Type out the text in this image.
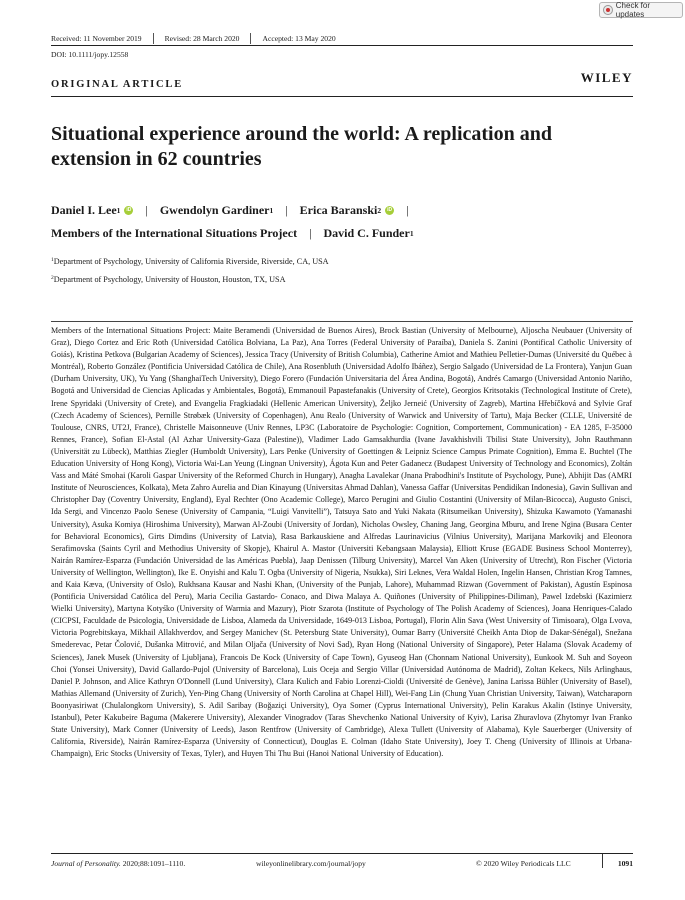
Check for updates
Received: 11 November 2019	Revised: 28 March 2020	Accepted: 13 May 2020
DOI: 10.1111/jopy.12558
ORIGINAL ARTICLE	WILEY
Situational experience around the world: A replication and extension in 62 countries
Daniel I. Lee 1 iD | Gwendolyn Gardiner 1 | Erica Baranski 2 iD |
Members of the International Situations Project | David C. Funder 1
$^1$Department of Psychology, University of California Riverside, Riverside, CA, USA
$^2$Department of Psychology, University of Houston, Houston, TX, USA

Members of the International Situations Project: Maite Beramendi (Universidad de Buenos Aires), Brock Bastian (University of Melbourne), Aljoscha Neubauer (University of Graz), Diego Cortez and Eric Roth (Universidad Católica Bolviana, La Paz), Ana Torres (Federal University of Paraíba), Daniela S. Zanini (Pontifical Catholic University of Goiás), Kristina Petkova (Bulgarian Academy of Sciences), Jessica Tracy (University of British Columbia), Catherine Amiot and Mathieu Pelletier-Dumas (Université du Québec à Montréal), Roberto González (Pontificia Universidad Católica de Chile), Ana Rosenbluth (Universidad Adolfo Ibáñez), Sergio Salgado (Universidad de La Frontera), Yanjun Guan (Durham University, UK), Yu Yang (ShanghaiTech University), Diego Forero (Fundación Universitaria del Área Andina, Bogotá), Andrés Camargo (Universidad Antonio Nariño, Bogotá and Universidad de Ciencias Aplicadas y Ambientales, Bogotá), Emmanouil Papastefanakis (University of Crete), Georgios Kritsotakis (Technological Institute of Crete), Irene Spyridaki (University of Crete), and Evangelia Fragkiadaki (Hellenic American University), Željko Jerneić (University of Zagreb), Martina Hřebíčková and Sylvie Graf (Czech Academy of Sciences), Pernille Strøbæk (University of Copenhagen), Anu Realo (University of Warwick and University of Tartu), Maja Becker (CLLE, Université de Toulouse, CNRS, UT2J, France), Christelle Maisonneuve (Univ Rennes, LP3C (Laboratoire de Psychologie: Cognition, Comportement, Communication) - EA 1285, F-35000 Rennes, France), Sofian El-Astal (Al Azhar University-Gaza (Palestine)), Vladimer Lado Gamsakhurdia (Ivane Javakhishvili Tbilisi State University), John Rauthmann (Universität zu Lübeck), Matthias Ziegler (Humboldt University), Lars Penke (University of Goettingen & Leipniz Science Campus Primate Cognition), Emma E. Buchtel (The Education University of Hong Kong), Victoria Wai-Lan Yeung (Lingnan University), Ágota Kun and Peter Gadanecz (Budapest University of Technology and Economics), Zoltán Vass and Máté Smohai (Karoli Gaspar University of the Reformed Church in Hungary), Anagha Lavalekar (Jnana Prabodhini's Institute of Psychology, Pune), Abhijit Das (AMRI Institute of Neurosciences, Kolkata), Meta Zahro Aurelia and Dian Kinayung (Universitas Ahmad Dahlan), Vanessa Gaffar (Universitas Pendidikan Indonesia), Gavin Sullivan and Christopher Day (Coventry University, England), Eyal Rechter (Ono Academic College), Marco Perugini and Giulio Costantini (University of Milan-Bicocca), Augusto Gnisci, Ida Sergi, and Vincenzo Paolo Senese (University of Campania, “Luigi Vanvitelli”), Tatsuya Sato and Yuki Nakata (Ritsumeikan University), Shizuka Kawamoto (Yamanashi University), Asuka Komiya (Hiroshima University), Marwan Al-Zoubi (University of Jordan), Nicholas Owsley, Chaning Jang, Georgina Mburu, and Irene Ngina (Busara Center for Behavioral Economics), Girts Dimdins (University of Latvia), Rasa Barkauskiene and Alfredas Laurinavicius (Vilnius University), Marijana Markovikj and Eleonora Serafimovska (Saints Cyril and Methodius University of Skopje), Khairul A. Mastor (Universiti Kebangsaan Malaysia), Elliott Kruse (EGADE Business School Monterrey), Nairán Ramírez-Esparza (Fundación Universidad de las Américas Puebla), Jaap Denissen (Tilburg University), Marcel Van Aken (University of Utrecht), Ron Fischer (Victoria University of Wellington, Wellington), Ike E. Onyishi and Kalu T. Ogba (University of Nigeria, Nsukka), Siri Leknes, Vera Waldal Holen, Ingelin Hansen, Christian Krog Tamnes, and Kaia Kæva, (University of Oslo), Rukhsana Kausar and Nashi Khan, (University of the Punjab, Lahore), Muhammad Rizwan (Government of Pakistan), Agustín Espinosa (Pontificia Universidad Católica del Peru), Maria Cecilia Gastardo- Conaco, and Diwa Malaya A. Quiñones (University of Philippines-Diliman), Pawel Izdebski (Kazimierz Wielki University), Martyna Kotyśko (University of Warmia and Mazury), Piotr Szarota (Institute of Psychology of The Polish Academy of Sciences), Joana Henriques-Calado (CICPSI, Faculdade de Psicologia, Universidade de Lisboa, Alameda da Universidade, 1649-013 Lisboa, Portugal), Florin Alin Sava (West University of Timisoara), Olga Lvova, Victoria Pogrebitskaya, Mikhail Allakhverdov, and Sergey Manichev (St. Petersburg State University), Oumar Barry (Université Cheikh Anta Diop de Dakar-Sénégal), Snežana Smederevac, Petar Čolović, Dušanka Mitrović, and Milan Oljača (University of Novi Sad), Ryan Hong (National University of Singapore), Peter Halama (Slovak Academy of Sciences), Janek Musek (University of Ljubljana), Francois De Kock (University of Cape Town), Gyuseog Han (Chonnam National University), Eunkook M. Suh and Soyeon Choi (Yonsei University), David Gallardo-Pujol (University of Barcelona), Luis Oceja and Sergio Villar (Universidad Autónoma de Madrid), Zoltan Kekecs, Nils Arlinghaus, Daniel P. Johnson, and Alice Kathryn O'Donnell (Lund University), Clara Kulich and Fabio Lorenzi-Cioldi (Université de Genève), Janina Larissa Bühler (University of Basel), Mathias Allemand (University of Zurich), Yen-Ping Chang (University of North Carolina at Chapel Hill), Wei-Fang Lin (Chung Yuan Christian University, Taiwan), Watcharaporn Boonyasiriwat (Chulalongkorn University), S. Adil Saribay (Boğaziçi University), Oya Somer (Cyprus International University), Pelin Karakus Akalin (Istinye University, Istanbul), Peter Kakubeire Baguma (Makerere University), Alexander Vinogradov (Taras Shevchenko National University of Kyiv), Larisa Zhuravlova (Zhytomyr Ivan Franko State University), Mark Conner (University of Leeds), Jason Rentfrow (University of Cambridge), Alexa Tullett (University of Alabama), Kyle Sauerberger (University of California, Riverside), Nairán Ramírez-Esparza (University of Connecticut), Douglas E. Colman (Idaho State University), Joey T. Cheng (University of Illinois at Urbana-Champaign), Eric Stocks (University of Texas, Tyler), and Huyen Thi Thu Bui (Hanoi National University of Education).

Journal of Personality. 2020;88:1091–1110.	wileyonlinelibrary.com/journal/jopy	© 2020 Wiley Periodicals LLC	1091
